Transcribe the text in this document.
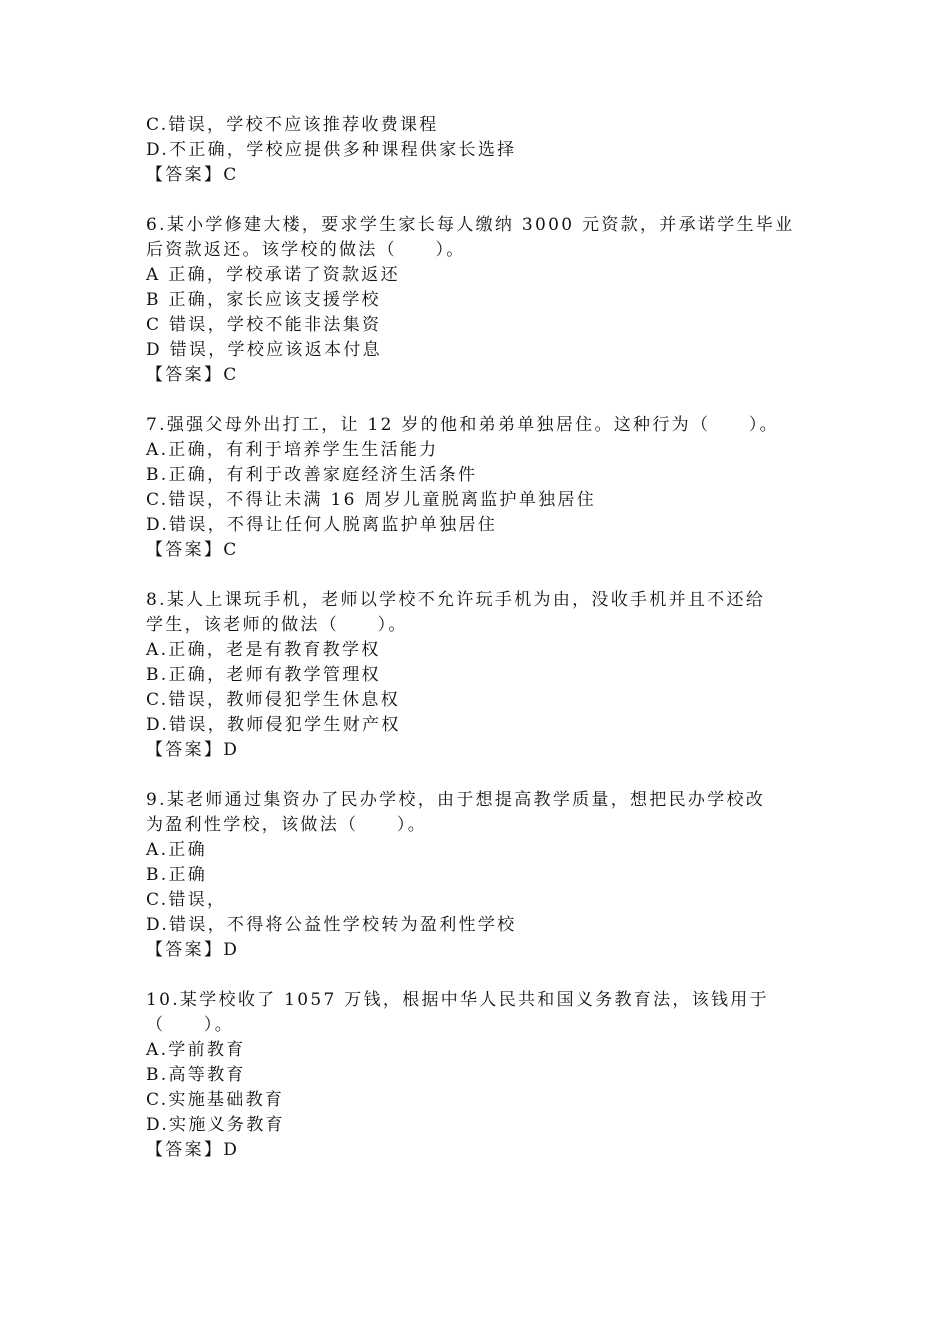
C.错误，学校不应该推荐收费课程
D.不正确，学校应提供多种课程供家长选择
【答案】C
6.某小学修建大楼，要求学生家长每人缴纳 3000 元资款，并承诺学生毕业
后资款返还。该学校的做法（　　）。
A 正确，学校承诺了资款返还
B 正确，家长应该支援学校
C 错误，学校不能非法集资
D 错误，学校应该返本付息
【答案】C
7.强强父母外出打工，让 12 岁的他和弟弟单独居住。这种行为（　　）。
A.正确，有利于培养学生生活能力
B.正确，有利于改善家庭经济生活条件
C.错误，不得让未满 16 周岁儿童脱离监护单独居住
D.错误，不得让任何人脱离监护单独居住
【答案】C
8.某人上课玩手机，老师以学校不允许玩手机为由，没收手机并且不还给
学生，该老师的做法（　　）。
A.正确，老是有教育教学权
B.正确，老师有教学管理权
C.错误，教师侵犯学生休息权
D.错误，教师侵犯学生财产权
【答案】D
9.某老师通过集资办了民办学校，由于想提高教学质量，想把民办学校改
为盈利性学校，该做法（　　）。
A.正确
B.正确
C.错误，
D.错误，不得将公益性学校转为盈利性学校
【答案】D
10.某学校收了 1057 万钱，根据中华人民共和国义务教育法，该钱用于
（　　）。
A.学前教育
B.高等教育
C.实施基础教育
D.实施义务教育
【答案】D
